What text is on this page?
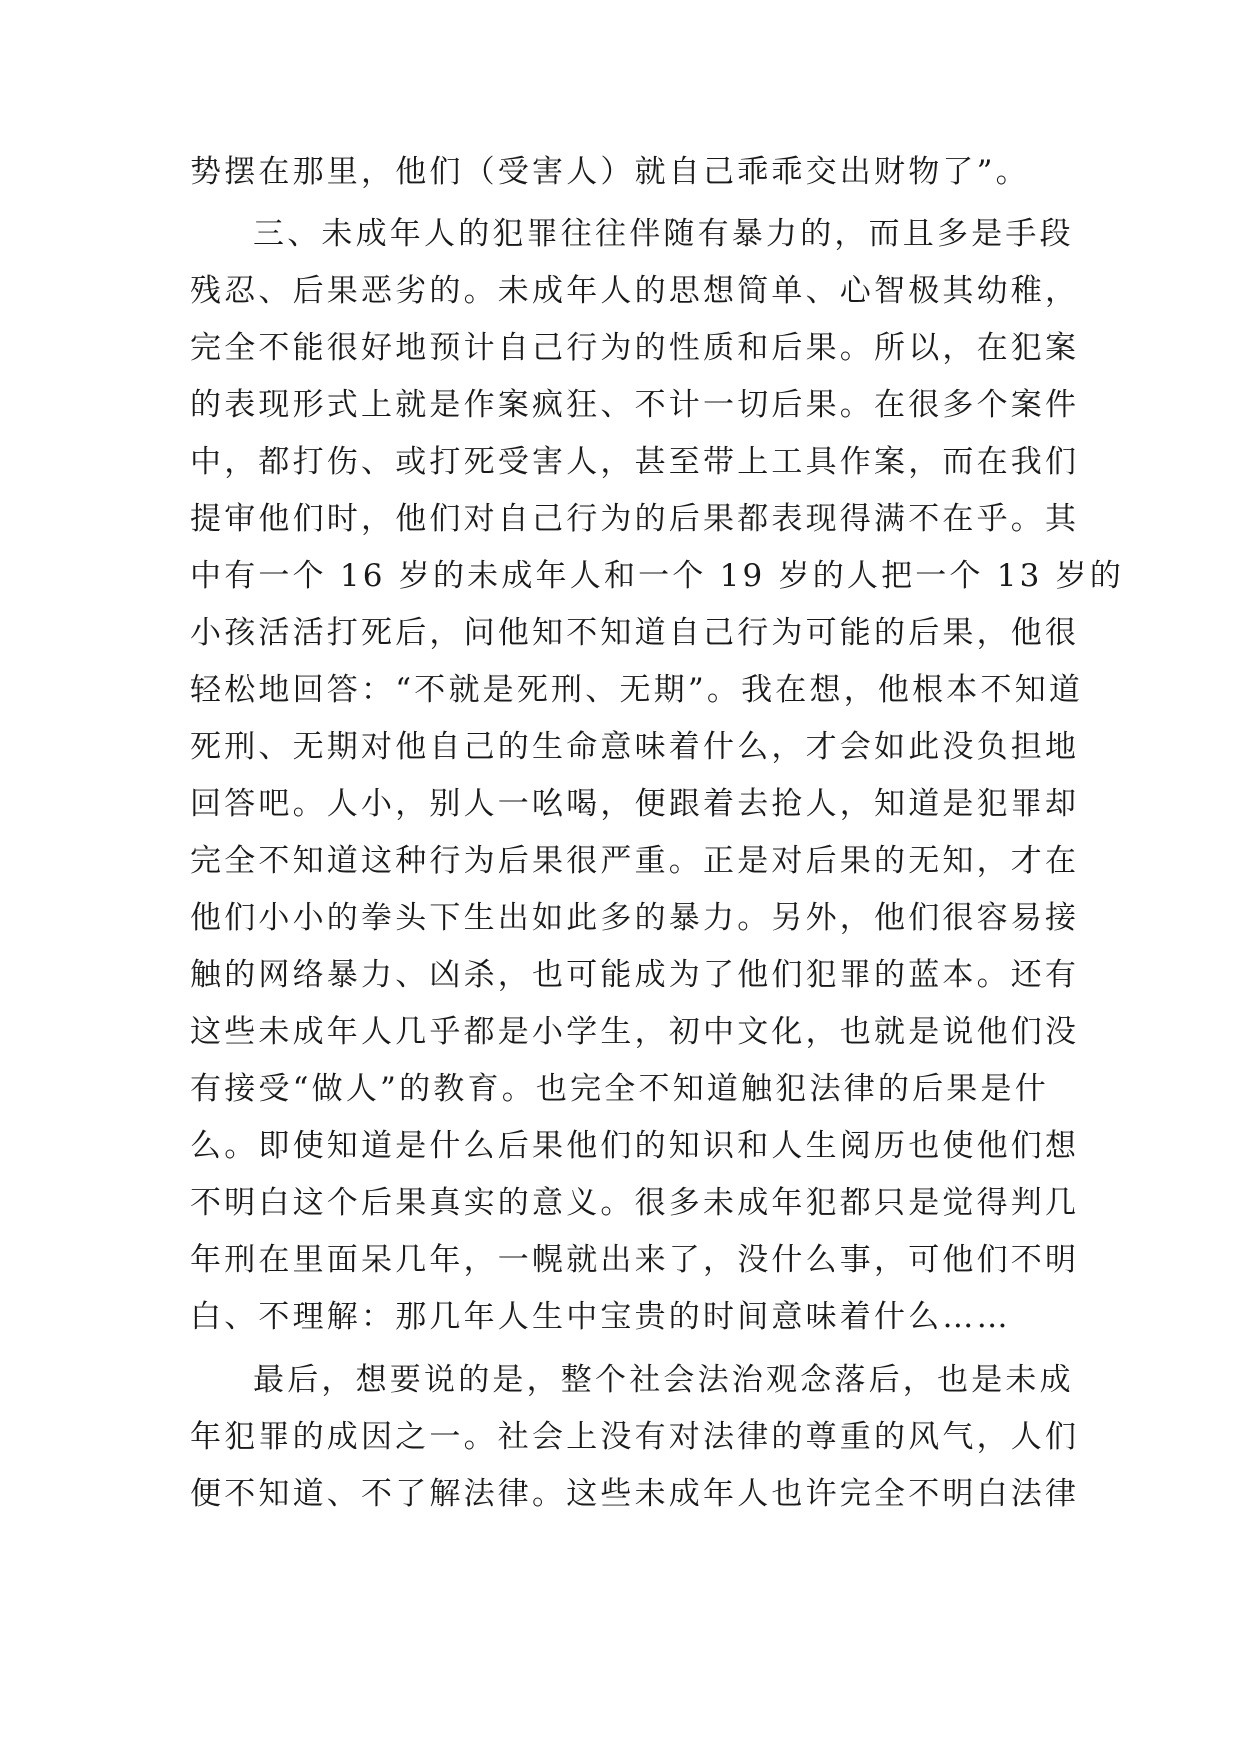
势摆在那里，他们（受害人）就自己乖乖交出财物了”。
三、未成年人的犯罪往往伴随有暴力的，而且多是手段
残忍、后果恶劣的。未成年人的思想简单、心智极其幼稚，
完全不能很好地预计自己行为的性质和后果。所以，在犯案
的表现形式上就是作案疯狂、不计一切后果。在很多个案件
中，都打伤、或打死受害人，甚至带上工具作案，而在我们
提审他们时，他们对自己行为的后果都表现得满不在乎。其
中有一个 16 岁的未成年人和一个 19 岁的人把一个 13 岁的
小孩活活打死后，问他知不知道自己行为可能的后果，他很
轻松地回答：“不就是死刑、无期”。我在想，他根本不知道
死刑、无期对他自己的生命意味着什么，才会如此没负担地
回答吧。人小，别人一吆喝，便跟着去抢人，知道是犯罪却
完全不知道这种行为后果很严重。正是对后果的无知，才在
他们小小的拳头下生出如此多的暴力。另外，他们很容易接
触的网络暴力、凶杀，也可能成为了他们犯罪的蓝本。还有
这些未成年人几乎都是小学生，初中文化，也就是说他们没
有接受“做人”的教育。也完全不知道触犯法律的后果是什
么。即使知道是什么后果他们的知识和人生阅历也使他们想
不明白这个后果真实的意义。很多未成年犯都只是觉得判几
年刑在里面呆几年，一幌就出来了，没什么事，可他们不明
白、不理解：那几年人生中宝贵的时间意味着什么……
最后，想要说的是，整个社会法治观念落后，也是未成
年犯罪的成因之一。社会上没有对法律的尊重的风气，人们
便不知道、不了解法律。这些未成年人也许完全不明白法律
